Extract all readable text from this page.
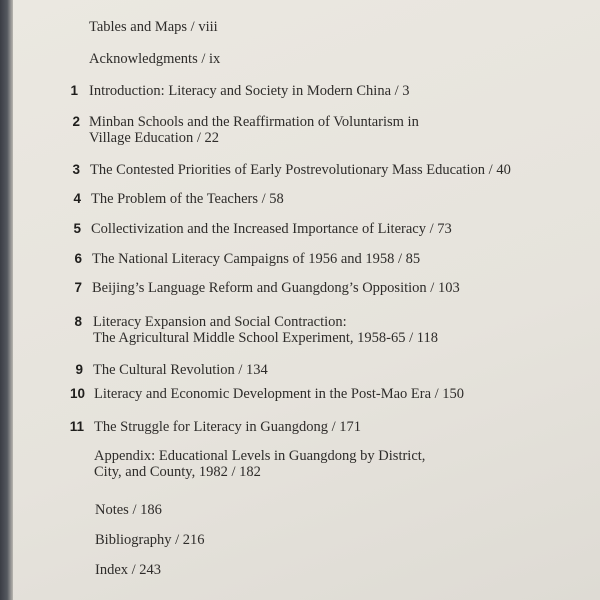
Tables and Maps / viii
Acknowledgments / ix
1 Introduction: Literacy and Society in Modern China / 3
2 Minban Schools and the Reaffirmation of Voluntarism in
Village Education / 22
3 The Contested Priorities of Early Postrevolutionary Mass Education / 40
4 The Problem of the Teachers / 58
5 Collectivization and the Increased Importance of Literacy / 73
6 The National Literacy Campaigns of 1956 and 1958 / 85
7 Beijing’s Language Reform and Guangdong’s Opposition / 103
8 Literacy Expansion and Social Contraction:
The Agricultural Middle School Experiment, 1958-65 / 118
9 The Cultural Revolution / 134
10 Literacy and Economic Development in the Post-Mao Era / 150
11 The Struggle for Literacy in Guangdong / 171
Appendix: Educational Levels in Guangdong by District,
City, and County, 1982 / 182
Notes / 186
Bibliography / 216
Index / 243
